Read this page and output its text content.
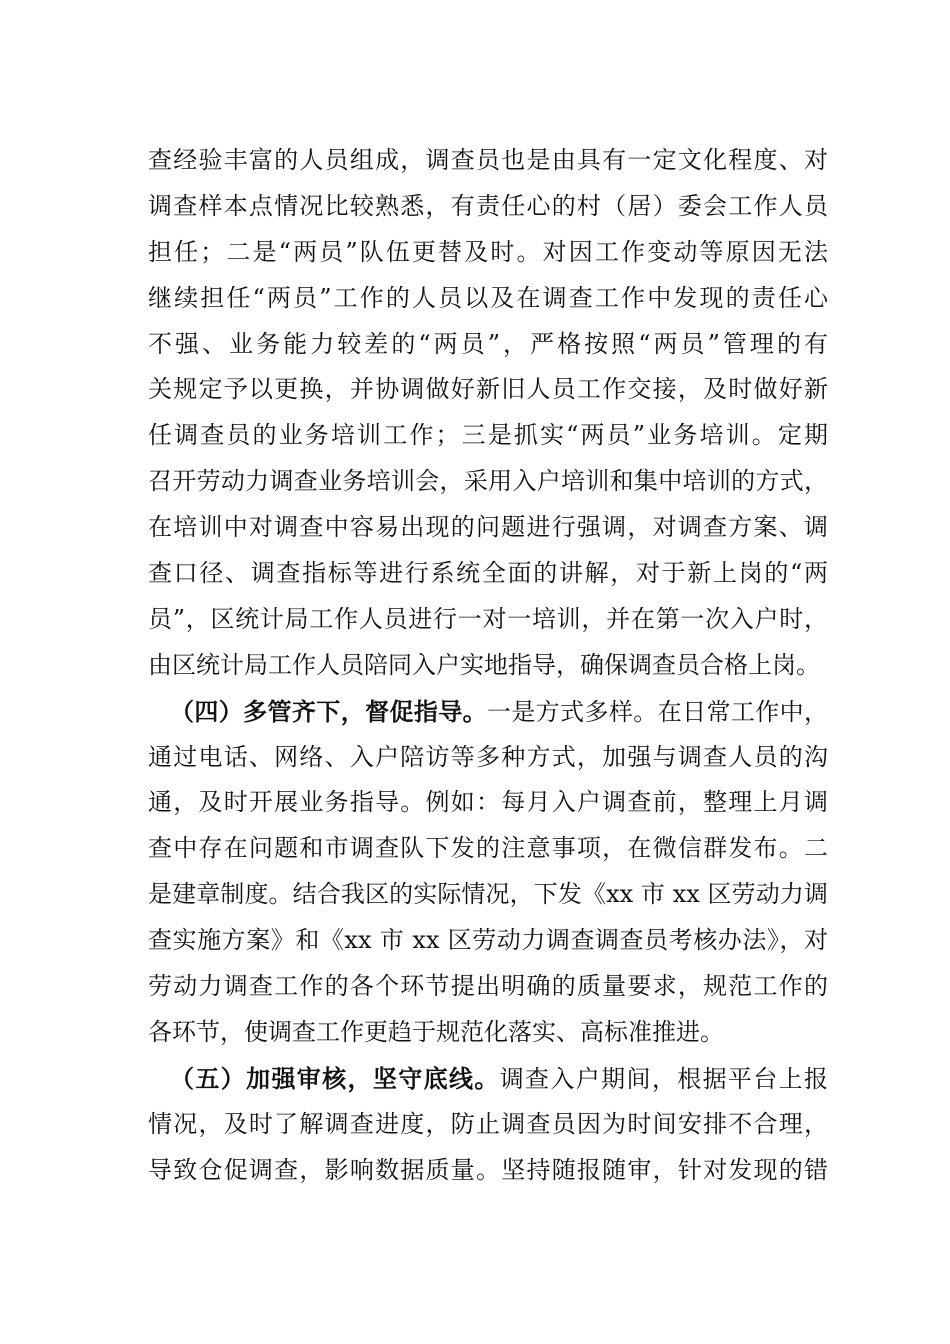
查经验丰富的人员组成，调查员也是由具有一定文化程度、对
调查样本点情况比较熟悉，有责任心的村（居）委会工作人员
担任；二是“两员”队伍更替及时。对因工作变动等原因无法
继续担任“两员”工作的人员以及在调查工作中发现的责任心
不强、业务能力较差的“两员”，严格按照“两员”管理的有
关规定予以更换，并协调做好新旧人员工作交接，及时做好新
任调查员的业务培训工作；三是抓实“两员”业务培训。定期
召开劳动力调查业务培训会，采用入户培训和集中培训的方式，
在培训中对调查中容易出现的问题进行强调，对调查方案、调
查口径、调查指标等进行系统全面的讲解，对于新上岗的“两
员”，区统计局工作人员进行一对一培训，并在第一次入户时，
由区统计局工作人员陪同入户实地指导，确保调查员合格上岗。
（四）多管齐下，督促指导。一是方式多样。在日常工作中，
通过电话、网络、入户陪访等多种方式，加强与调查人员的沟
通，及时开展业务指导。例如：每月入户调查前，整理上月调
查中存在问题和市调查队下发的注意事项，在微信群发布。二
是建章制度。结合我区的实际情况，下发《xx 市 xx 区劳动力调
查实施方案》和《xx 市 xx 区劳动力调查调查员考核办法》，对
劳动力调查工作的各个环节提出明确的质量要求，规范工作的
各环节，使调查工作更趋于规范化落实、高标准推进。
（五）加强审核，坚守底线。调查入户期间，根据平台上报
情况，及时了解调查进度，防止调查员因为时间安排不合理，
导致仓促调查，影响数据质量。坚持随报随审，针对发现的错
